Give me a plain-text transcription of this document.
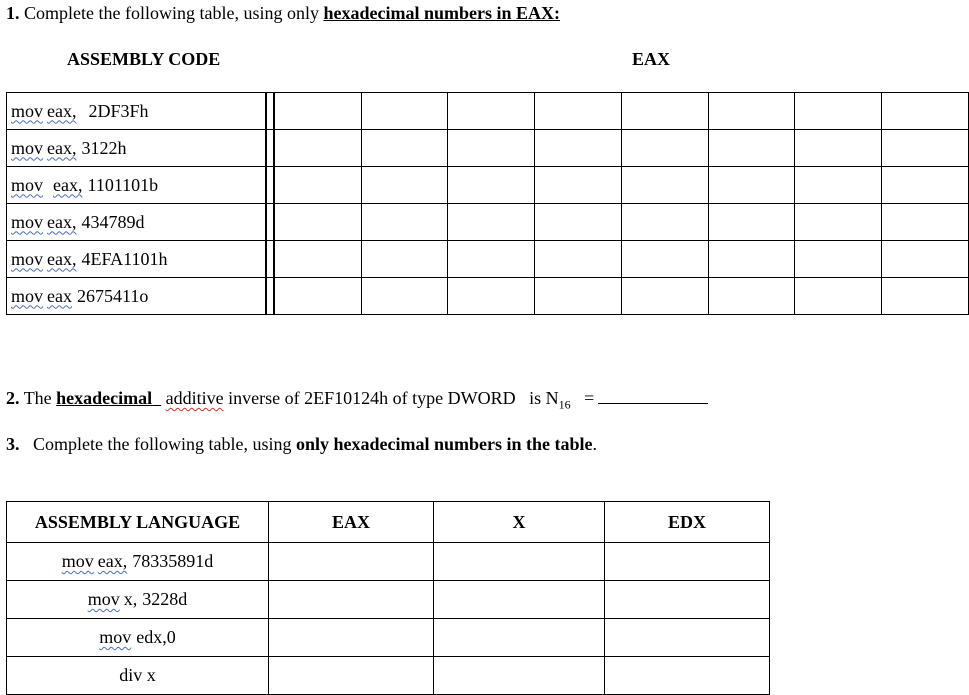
1. Complete the following table, using only hexadecimal numbers in EAX:
ASSEMBLY CODE	EAX
mov eax, 2DF3Fh									
mov eax, 3122h									
mov eax, 1101101b									
mov eax, 434789d									
mov eax, 4EFA1101h									
mov eax 2675411o									
2. The hexadecimal additive inverse of 2EF10124h of type DWORD is $N_{16}$ =
3. Complete the following table, using only hexadecimal numbers in the table.
ASSEMBLY LANGUAGE	EAX	X	EDX
mov eax, 78335891d			
mov x, 3228d			
mov edx,0			
div x			
